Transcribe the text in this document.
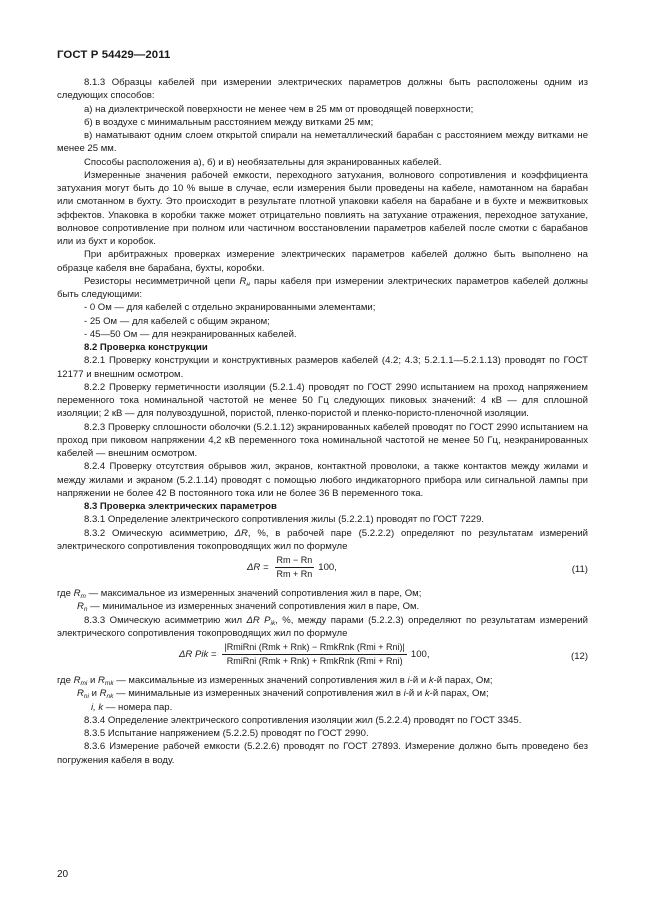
ГОСТ Р 54429—2011

8.1.3 Образцы кабелей при измерении электрических параметров должны быть расположены одним из следующих способов:

а) на диэлектрической поверхности не менее чем в 25 мм от проводящей поверхности;

б) в воздухе с минимальным расстоянием между витками 25 мм;

в) наматывают одним слоем открытой спирали на неметаллический барабан с расстоянием между витками не менее 25 мм.

Способы расположения а), б) и в) необязательны для экранированных кабелей.

Измеренные значения рабочей емкости, переходного затухания, волнового сопротивления и коэффициента затухания могут быть до 10 % выше в случае, если измерения были проведены на кабеле, намотанном на барабан или смотанном в бухту. Это происходит в результате плотной упаковки кабеля на барабане и в бухте и межвитковых эффектов. Упаковка в коробки также может отрицательно повлиять на затухание отражения, переходное затухание, волновое сопротивление при полном или частичном восстановлении параметров кабелей после смотки с барабанов или из бухт и коробок.

При арбитражных проверках измерение электрических параметров кабелей должно быть выполнено на образце кабеля вне барабана, бухты, коробки.

Резисторы несимметричной цепи $R_н$ пары кабеля при измерении электрических параметров кабелей должны быть следующими:

- 0 Ом — для кабелей с отдельно экранированными элементами;

- 25 Ом — для кабелей с общим экраном;

- 45—50 Ом — для неэкранированных кабелей.

8.2 Проверка конструкции

8.2.1 Проверку конструкции и конструктивных размеров кабелей (4.2; 4.3; 5.2.1.1—5.2.1.13) проводят по ГОСТ 12177 и внешним осмотром.

8.2.2 Проверку герметичности изоляции (5.2.1.4) проводят по ГОСТ 2990 испытанием на проход напряжением переменного тока номинальной частотой не менее 50 Гц следующих пиковых значений: 4 кВ — для сплошной изоляции; 2 кВ — для полувоздушной, пористой, пленко-пористой и пленко-пористо-пленочной изоляции.

8.2.3 Проверку сплошности оболочки (5.2.1.12) экранированных кабелей проводят по ГОСТ 2990 испытанием на проход при пиковом напряжении 4,2 кВ переменного тока номинальной частотой не менее 50 Гц, неэкранированных кабелей — внешним осмотром.

8.2.4 Проверку отсутствия обрывов жил, экранов, контактной проволоки, а также контактов между жилами и между жилами и экраном (5.2.1.14) проводят с помощью любого индикаторного прибора или сигнальной лампы при напряжении не более 42 В постоянного тока или не более 36 В переменного тока.

8.3 Проверка электрических параметров

8.3.1 Определение электрического сопротивления жилы (5.2.2.1) проводят по ГОСТ 7229.

8.3.2 Омическую асимметрию, ΔR, %, в рабочей паре (5.2.2.2) определяют по результатам измерений электрического сопротивления токопроводящих жил по формуле

$\Delta R = \frac{Rm - Rn}{Rm + Rn} 100$,	(11)

где $R_m$ — максимальное из измеренных значений сопротивления жил в паре, Ом;

$R_n$ — минимальное из измеренных значений сопротивления жил в паре, Ом.

8.3.3 Омическую асимметрию жил ΔR $P_{ik}$, %, между парами (5.2.2.3) определяют по результатам измерений электрического сопротивления токопроводящих жил по формуле

ΔR Pik = $\frac{\text{|RmiRni (Rmk + Rnk) − RmkRnk (Rmi + Rni)|}}{\text{RmiRni (Rmk + Rnk) + RmkRnk (Rmi + Rni)}} 100$,	(12)

где $R_{mi}$ и $R_{mk}$ — максимальные из измеренных значений сопротивления жил в i-й и k-й парах, Ом;

$R_{ni}$ и $R_{nk}$ — минимальные из измеренных значений сопротивления жил в i-й и k-й парах, Ом;

i, k — номера пар.

8.3.4 Определение электрического сопротивления изоляции жил (5.2.2.4) проводят по ГОСТ 3345.

8.3.5 Испытание напряжением (5.2.2.5) проводят по ГОСТ 2990.

8.3.6 Измерение рабочей емкости (5.2.2.6) проводят по ГОСТ 27893. Измерение должно быть проведено без погружения кабеля в воду.

20
